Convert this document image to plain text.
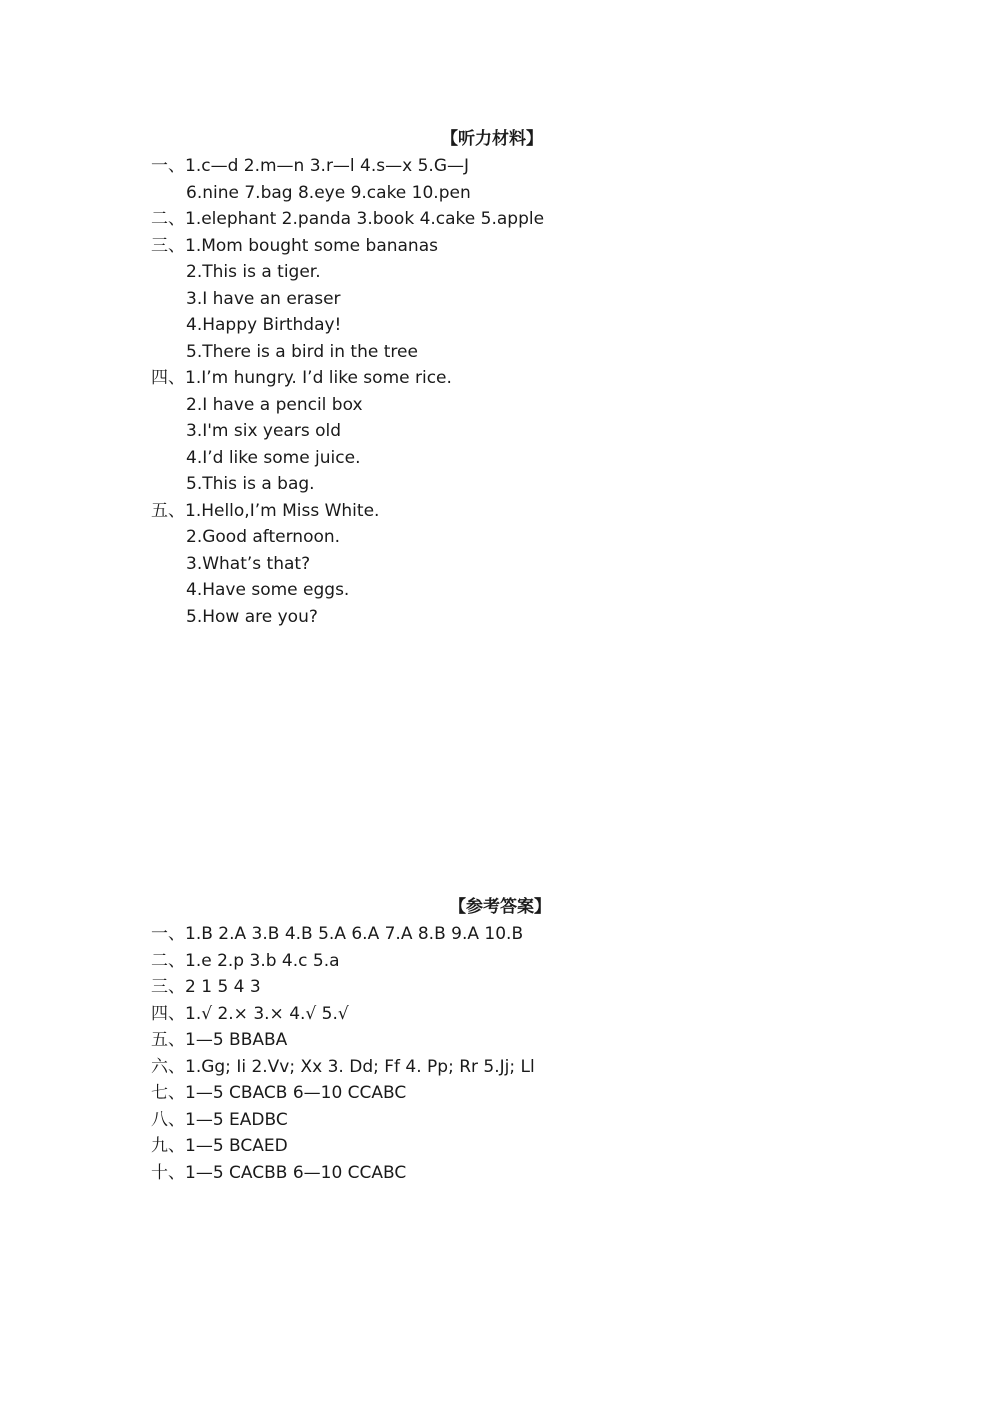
【听力材料】
一、1.c—d 2.m—n 3.r—l 4.s—x 5.G—J
6.nine 7.bag 8.eye 9.cake 10.pen
二、1.elephant 2.panda 3.book 4.cake 5.apple
三、1.Mom bought some bananas
2.This is a tiger.
3.I have an eraser
4.Happy Birthday!
5.There is a bird in the tree
四、1.I’m hungry. I’d like some rice.
2.I have a pencil box
3.I'm six years old
4.I’d like some juice.
5.This is a bag.
五、1.Hello,I’m Miss White.
2.Good afternoon.
3.What’s that?
4.Have some eggs.
5.How are you?
【参考答案】
一、1.B 2.A 3.B 4.B 5.A 6.A 7.A 8.B 9.A 10.B
二、1.e 2.p 3.b 4.c 5.a
三、2 1 5 4 3
四、1.√ 2.× 3.× 4.√ 5.√
五、1—5 BBABA
六、1.Gg; Ii 2.Vv; Xx 3. Dd; Ff 4. Pp; Rr 5.Jj; Ll
七、1—5 CBACB 6—10 CCABC
八、1—5 EADBC
九、1—5 BCAED
十、1—5 CACBB 6—10 CCABC
